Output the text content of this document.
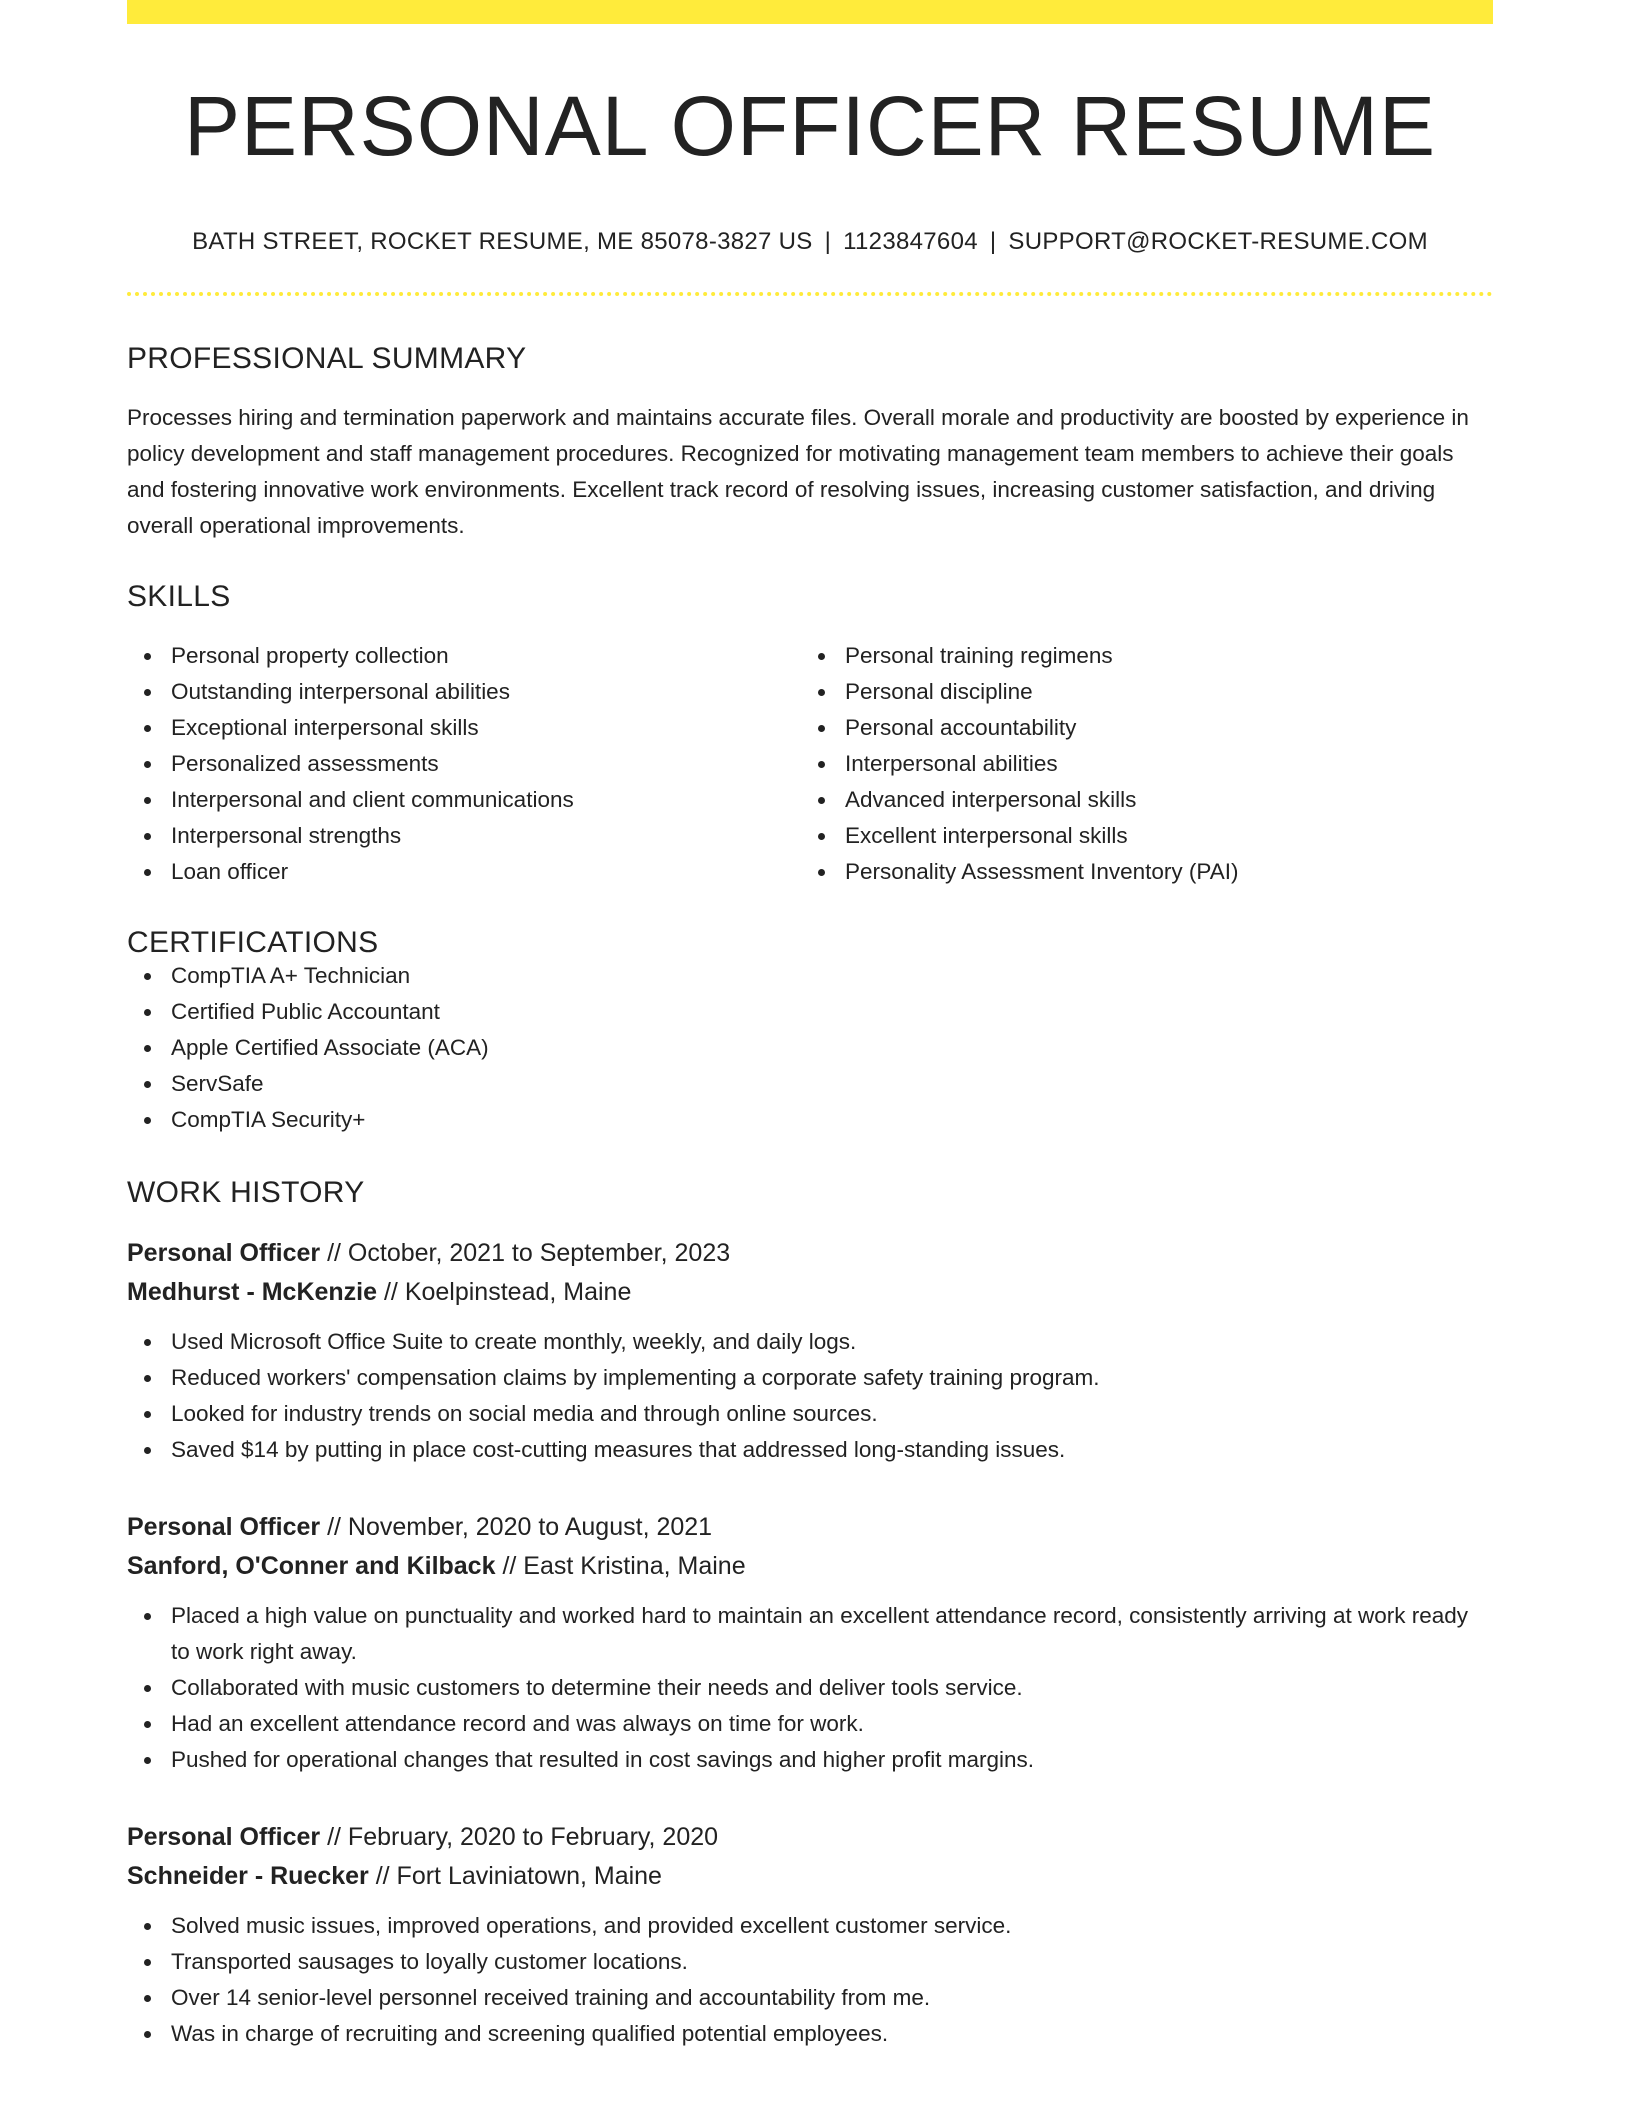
PERSONAL OFFICER RESUME
BATH STREET, ROCKET RESUME, ME 85078-3827 US | 1123847604 | SUPPORT@ROCKET-RESUME.COM
PROFESSIONAL SUMMARY

Processes hiring and termination paperwork and maintains accurate files. Overall morale and productivity are boosted by experience in policy development and staff management procedures. Recognized for motivating management team members to achieve their goals and fostering innovative work environments. Excellent track record of resolving issues, increasing customer satisfaction, and driving overall operational improvements.

SKILLS
Personal property collection
Outstanding interpersonal abilities
Exceptional interpersonal skills
Personalized assessments
Interpersonal and client communications
Interpersonal strengths
Loan officer
Personal training regimens
Personal discipline
Personal accountability
Interpersonal abilities
Advanced interpersonal skills
Excellent interpersonal skills
Personality Assessment Inventory (PAI)
CERTIFICATIONS
CompTIA A+ Technician
Certified Public Accountant
Apple Certified Associate (ACA)
ServSafe
CompTIA Security+
WORK HISTORY
Personal Officer // October, 2021 to September, 2023
Medhurst - McKenzie // Koelpinstead, Maine
Used Microsoft Office Suite to create monthly, weekly, and daily logs.
Reduced workers' compensation claims by implementing a corporate safety training program.
Looked for industry trends on social media and through online sources.
Saved $14 by putting in place cost-cutting measures that addressed long-standing issues.
Personal Officer // November, 2020 to August, 2021
Sanford, O'Conner and Kilback // East Kristina, Maine
Placed a high value on punctuality and worked hard to maintain an excellent attendance record, consistently arriving at work ready to work right away.
Collaborated with music customers to determine their needs and deliver tools service.
Had an excellent attendance record and was always on time for work.
Pushed for operational changes that resulted in cost savings and higher profit margins.
Personal Officer // February, 2020 to February, 2020
Schneider - Ruecker // Fort Laviniatown, Maine
Solved music issues, improved operations, and provided excellent customer service.
Transported sausages to loyally customer locations.
Over 14 senior-level personnel received training and accountability from me.
Was in charge of recruiting and screening qualified potential employees.
